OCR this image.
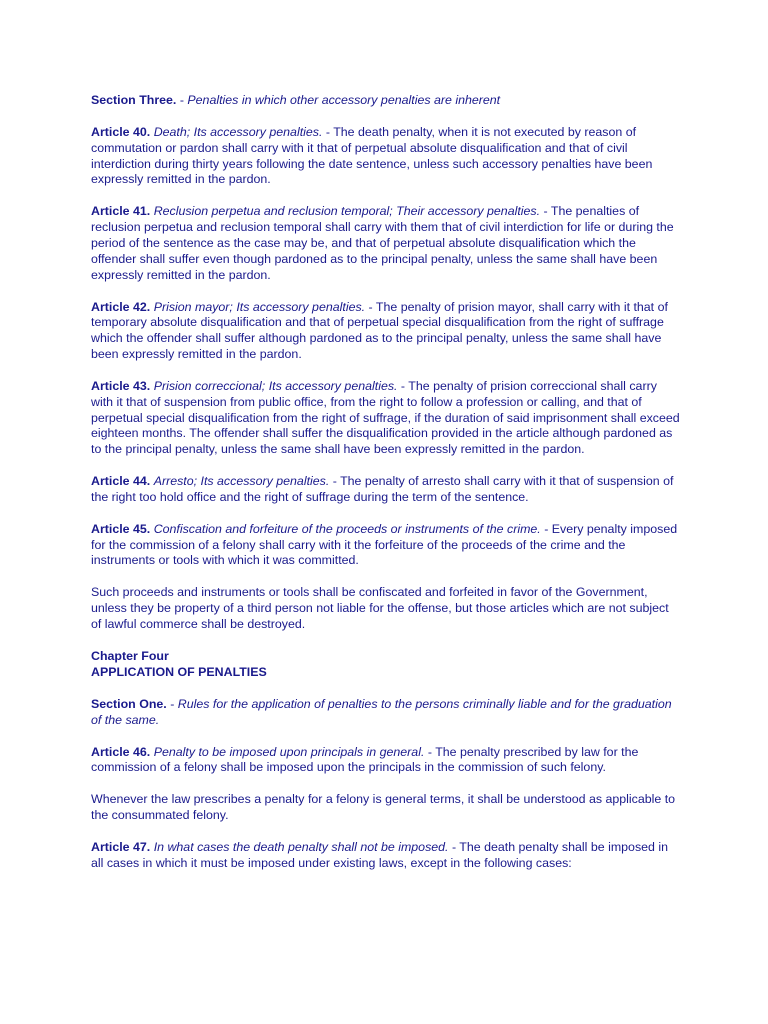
Section Three. - Penalties in which other accessory penalties are inherent

Article 40. Death; Its accessory penalties. - The death penalty, when it is not executed by reason of commutation or pardon shall carry with it that of perpetual absolute disqualification and that of civil interdiction during thirty years following the date sentence, unless such accessory penalties have been expressly remitted in the pardon.

Article 41. Reclusion perpetua and reclusion temporal; Their accessory penalties. - The penalties of reclusion perpetua and reclusion temporal shall carry with them that of civil interdiction for life or during the period of the sentence as the case may be, and that of perpetual absolute disqualification which the offender shall suffer even though pardoned as to the principal penalty, unless the same shall have been expressly remitted in the pardon.

Article 42. Prision mayor; Its accessory penalties. - The penalty of prision mayor, shall carry with it that of temporary absolute disqualification and that of perpetual special disqualification from the right of suffrage which the offender shall suffer although pardoned as to the principal penalty, unless the same shall have been expressly remitted in the pardon.

Article 43. Prision correccional; Its accessory penalties. - The penalty of prision correccional shall carry with it that of suspension from public office, from the right to follow a profession or calling, and that of perpetual special disqualification from the right of suffrage, if the duration of said imprisonment shall exceed eighteen months. The offender shall suffer the disqualification provided in the article although pardoned as to the principal penalty, unless the same shall have been expressly remitted in the pardon.

Article 44. Arresto; Its accessory penalties. - The penalty of arresto shall carry with it that of suspension of the right too hold office and the right of suffrage during the term of the sentence.

Article 45. Confiscation and forfeiture of the proceeds or instruments of the crime. - Every penalty imposed for the commission of a felony shall carry with it the forfeiture of the proceeds of the crime and the instruments or tools with which it was committed.

Such proceeds and instruments or tools shall be confiscated and forfeited in favor of the Government, unless they be property of a third person not liable for the offense, but those articles which are not subject of lawful commerce shall be destroyed.

Chapter Four
APPLICATION OF PENALTIES

Section One. - Rules for the application of penalties to the persons criminally liable and for the graduation of the same.

Article 46. Penalty to be imposed upon principals in general. - The penalty prescribed by law for the commission of a felony shall be imposed upon the principals in the commission of such felony.

Whenever the law prescribes a penalty for a felony is general terms, it shall be understood as applicable to the consummated felony.

Article 47. In what cases the death penalty shall not be imposed. - The death penalty shall be imposed in all cases in which it must be imposed under existing laws, except in the following cases:
